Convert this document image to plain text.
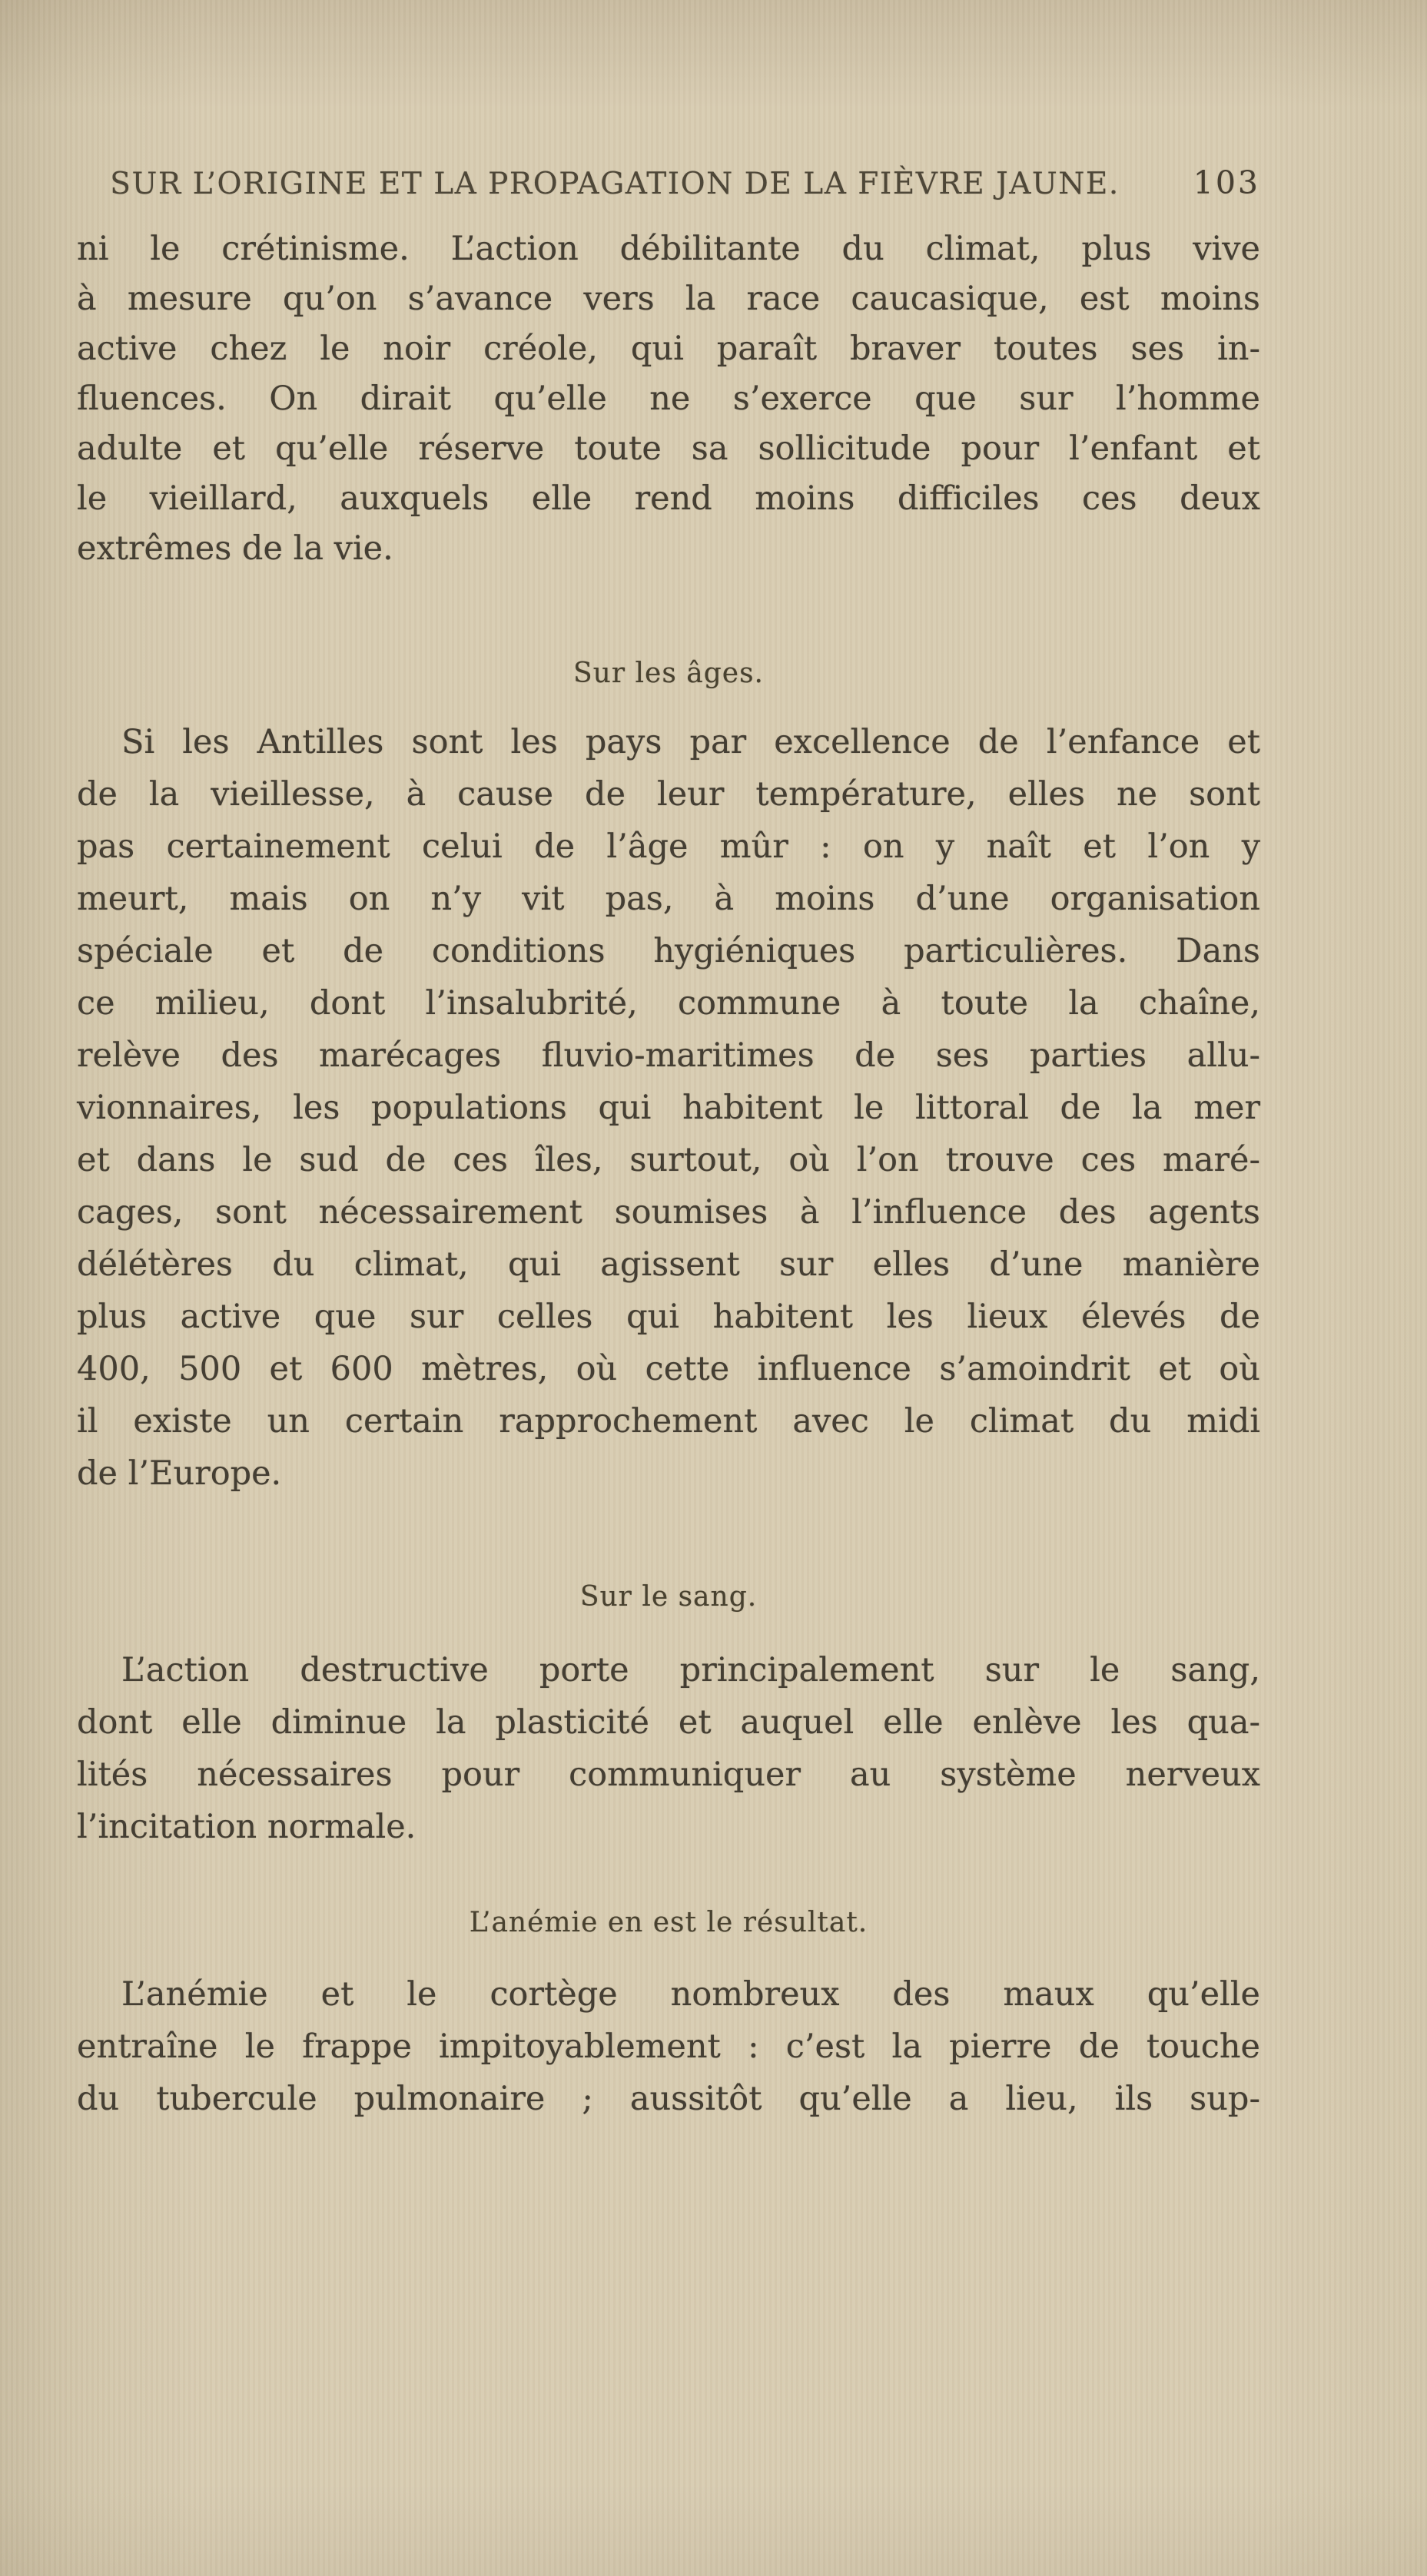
SUR L’ORIGINE ET LA PROPAGATION DE LA FIÈVRE JAUNE.	103
ni le crétinisme. L’action débilitante du climat, plus vive
à mesure qu’on s’avance vers la race caucasique, est moins
active chez le noir créole, qui paraît braver toutes ses in-
fluences. On dirait qu’elle ne s’exerce que sur l’homme
adulte et qu’elle réserve toute sa sollicitude pour l’enfant et
le vieillard, auxquels elle rend moins difficiles ces deux
extrêmes de la vie.
Sur les âges.
Si les Antilles sont les pays par excellence de l’enfance et
de la vieillesse, à cause de leur température, elles ne sont
pas certainement celui de l’âge mûr : on y naît et l’on y
meurt, mais on n’y vit pas, à moins d’une organisation
spéciale et de conditions hygiéniques particulières. Dans
ce milieu, dont l’insalubrité, commune à toute la chaîne,
relève des marécages fluvio-maritimes de ses parties allu-
vionnaires, les populations qui habitent le littoral de la mer
et dans le sud de ces îles, surtout, où l’on trouve ces maré-
cages, sont nécessairement soumises à l’influence des agents
délétères du climat, qui agissent sur elles d’une manière
plus active que sur celles qui habitent les lieux élevés de
400, 500 et 600 mètres, où cette influence s’amoindrit et où
il existe un certain rapprochement avec le climat du midi
de l’Europe.
Sur le sang.
L’action destructive porte principalement sur le sang,
dont elle diminue la plasticité et auquel elle enlève les qua-
lités nécessaires pour communiquer au système nerveux
l’incitation normale.
L’anémie en est le résultat.
L’anémie et le cortège nombreux des maux qu’elle
entraîne le frappe impitoyablement : c’est la pierre de touche
du tubercule pulmonaire ; aussitôt qu’elle a lieu, ils sup-
